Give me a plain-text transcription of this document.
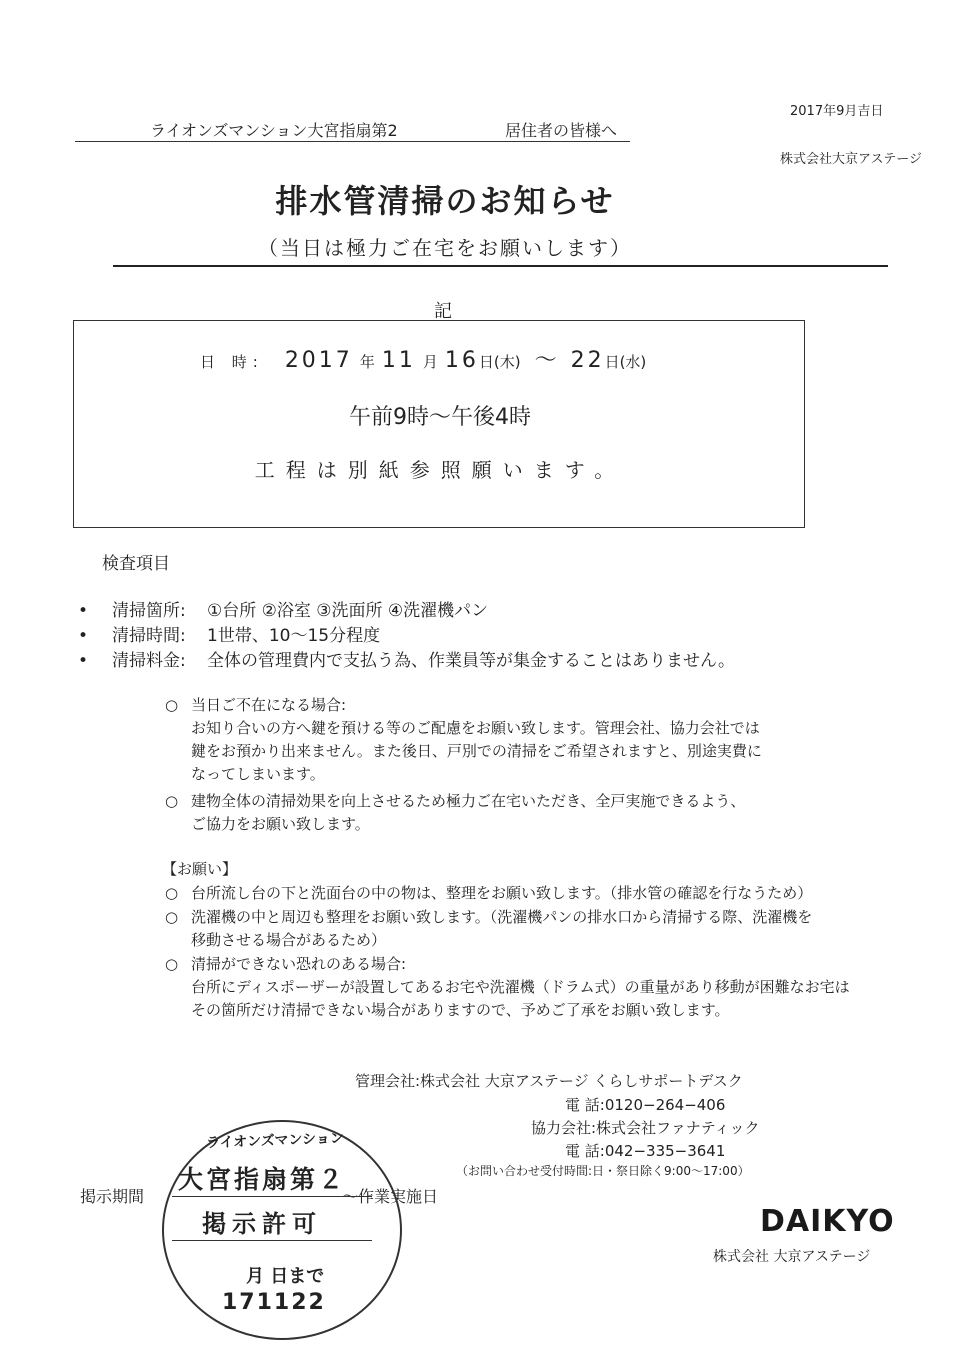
2017年9月吉日
ライオンズマンション大宮指扇第2	居住者の皆様へ
株式会社大京アステージ
排水管清掃のお知らせ
（当日は極力ご在宅をお願いします）
記
日 時: 2017 年 11 月 16日(木) 〜 22日(水)
午前9時〜午後4時
工程は別紙参照願います。
検査項目
• 清掃箇所: ①台所 ②浴室 ③洗面所 ④洗濯機パン
• 清掃時間: 1世帯、10〜15分程度
• 清掃料金: 全体の管理費内で支払う為、作業員等が集金することはありません。
○ 当日ご不在になる場合:
お知り合いの方へ鍵を預ける等のご配慮をお願い致します。管理会社、協力会社では
鍵をお預かり出来ません。また後日、戸別での清掃をご希望されますと、別途実費に
なってしまいます。
○ 建物全体の清掃効果を向上させるため極力ご在宅いただき、全戸実施できるよう、
ご協力をお願い致します。
【お願い】
○ 台所流し台の下と洗面台の中の物は、整理をお願い致します。（排水管の確認を行なうため）
○ 洗濯機の中と周辺も整理をお願い致します。（洗濯機パンの排水口から清掃する際、洗濯機を
移動させる場合があるため）
○ 清掃ができない恐れのある場合:
台所にディスポーザーが設置してあるお宅や洗濯機（ドラム式）の重量があり移動が困難なお宅は
その箇所だけ清掃できない場合がありますので、予めご了承をお願い致します。
管理会社:株式会社 大京アステージ くらしサポートデスク
電 話:0120−264−406
協力会社:株式会社ファナティック
電 話:042−335−3641
（お問い合わせ受付時間:日・祭日除く9:00〜17:00）
掲示期間	〜作業実施日
ライオンズマンション
大宮指扇第２
掲示許可
月 日まで
171122
DAIKYO
株式会社 大京アステージ
